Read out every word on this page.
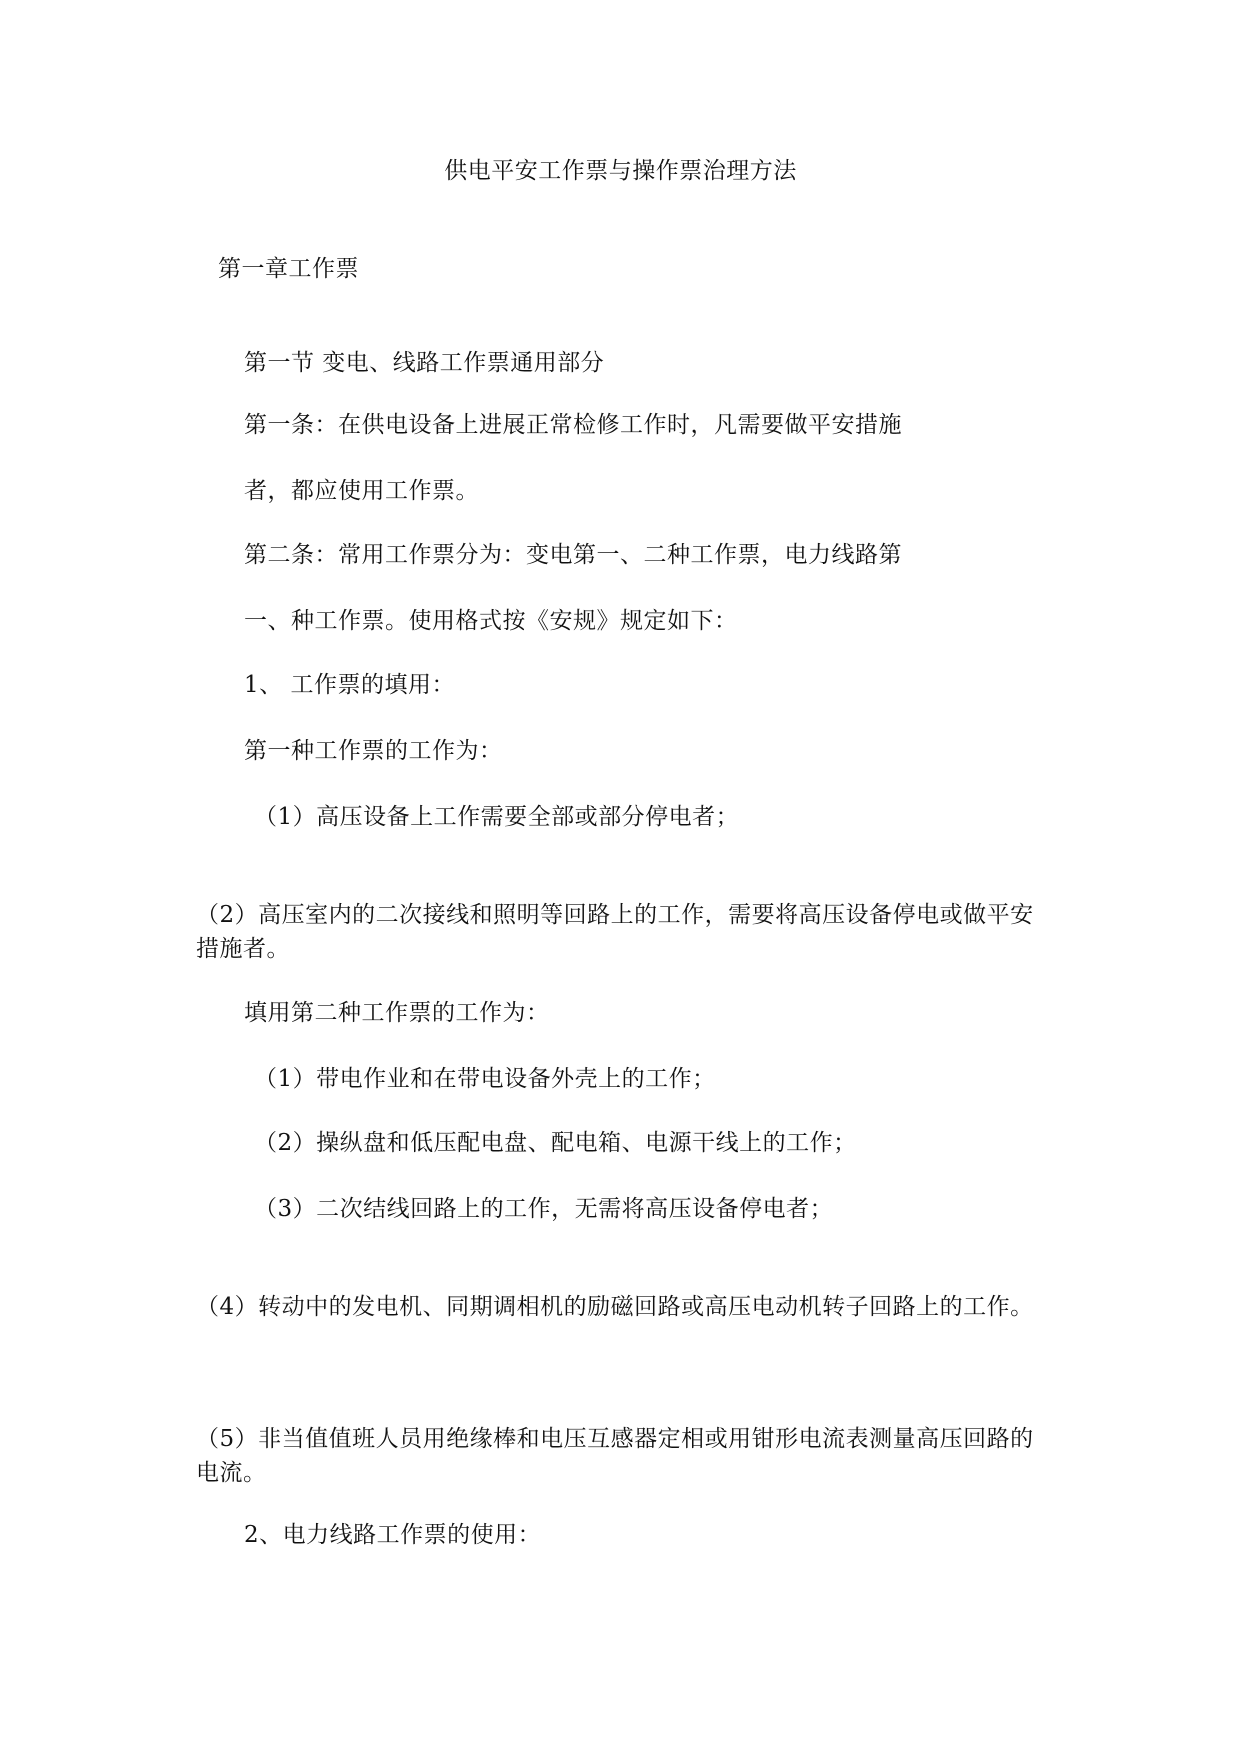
供电平安工作票与操作票治理方法
第一章工作票
第一节 变电、线路工作票通用部分
第一条：在供电设备上进展正常检修工作时，凡需要做平安措施
者，都应使用工作票。
第二条：常用工作票分为：变电第一、二种工作票，电力线路第
一、种工作票。使用格式按《安规》规定如下：
1、 工作票的填用：
第一种工作票的工作为：
（1）高压设备上工作需要全部或部分停电者；
（2）高压室内的二次接线和照明等回路上的工作，需要将高压设备停电或做平安措施者。
填用第二种工作票的工作为：
（1）带电作业和在带电设备外壳上的工作；
（2）操纵盘和低压配电盘、配电箱、电源干线上的工作；
（3）二次结线回路上的工作，无需将高压设备停电者；
（4）转动中的发电机、同期调相机的励磁回路或高压电动机转子回路上的工作。
（5）非当值值班人员用绝缘棒和电压互感器定相或用钳形电流表测量高压回路的电流。
2、电力线路工作票的使用：
